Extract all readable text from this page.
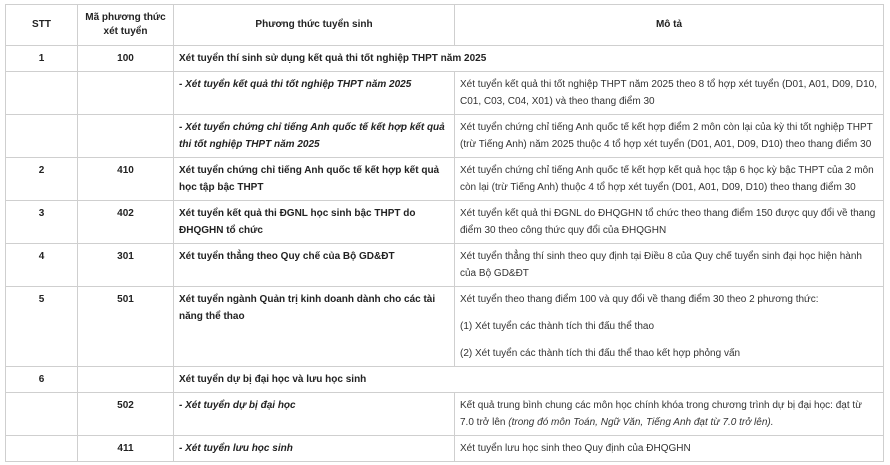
STT	Mã phương thức xét tuyển	Phương thức tuyển sinh	Mô tả
1	100	Xét tuyển thí sinh sử dụng kết quả thi tốt nghiệp THPT năm 2025	
		- Xét tuyển kết quả thi tốt nghiệp THPT năm 2025	Xét tuyển kết quả thi tốt nghiệp THPT năm 2025 theo 8 tổ hợp xét tuyển (D01, A01, D09, D10, C01, C03, C04, X01) và theo thang điểm 30
		- Xét tuyển chứng chỉ tiếng Anh quốc tế kết hợp kết quả thi tốt nghiệp THPT năm 2025	Xét tuyển chứng chỉ tiếng Anh quốc tế kết hợp điểm 2 môn còn lại của kỳ thi tốt nghiệp THPT (trừ Tiếng Anh) năm 2025 thuộc 4 tổ hợp xét tuyển (D01, A01, D09, D10) theo thang điểm 30
2	410	Xét tuyển chứng chỉ tiếng Anh quốc tế kết hợp kết quả học tập bậc THPT	Xét tuyển chứng chỉ tiếng Anh quốc tế kết hợp kết quả học tập 6 học kỳ bậc THPT của 2 môn còn lại (trừ Tiếng Anh) thuộc 4 tổ hợp xét tuyển (D01, A01, D09, D10) theo thang điểm 30
3	402	Xét tuyển kết quả thi ĐGNL học sinh bậc THPT do ĐHQGHN tổ chức	Xét tuyển kết quả thi ĐGNL do ĐHQGHN tổ chức theo thang điểm 150 được quy đổi về thang điểm 30 theo công thức quy đổi của ĐHQGHN
4	301	Xét tuyển thẳng theo Quy chế của Bộ GD&ĐT	Xét tuyển thẳng thí sinh theo quy định tại Điều 8 của Quy chế tuyển sinh đại học hiện hành của Bộ GD&ĐT
5	501	Xét tuyển ngành Quản trị kinh doanh dành cho các tài năng thể thao	Xét tuyển theo thang điểm 100 và quy đổi về thang điểm 30 theo 2 phương thức:

(1) Xét tuyển các thành tích thi đấu thể thao

(2) Xét tuyển các thành tích thi đấu thể thao kết hợp phỏng vấn

6		Xét tuyển dự bị đại học và lưu học sinh	
	502	- Xét tuyển dự bị đại học	Kết quả trung bình chung các môn học chính khóa trong chương trình dự bị đại học: đạt từ 7.0 trở lên (trong đó môn Toán, Ngữ Văn, Tiếng Anh đạt từ 7.0 trở lên).
	411	- Xét tuyển lưu học sinh	Xét tuyển lưu học sinh theo Quy định của ĐHQGHN
